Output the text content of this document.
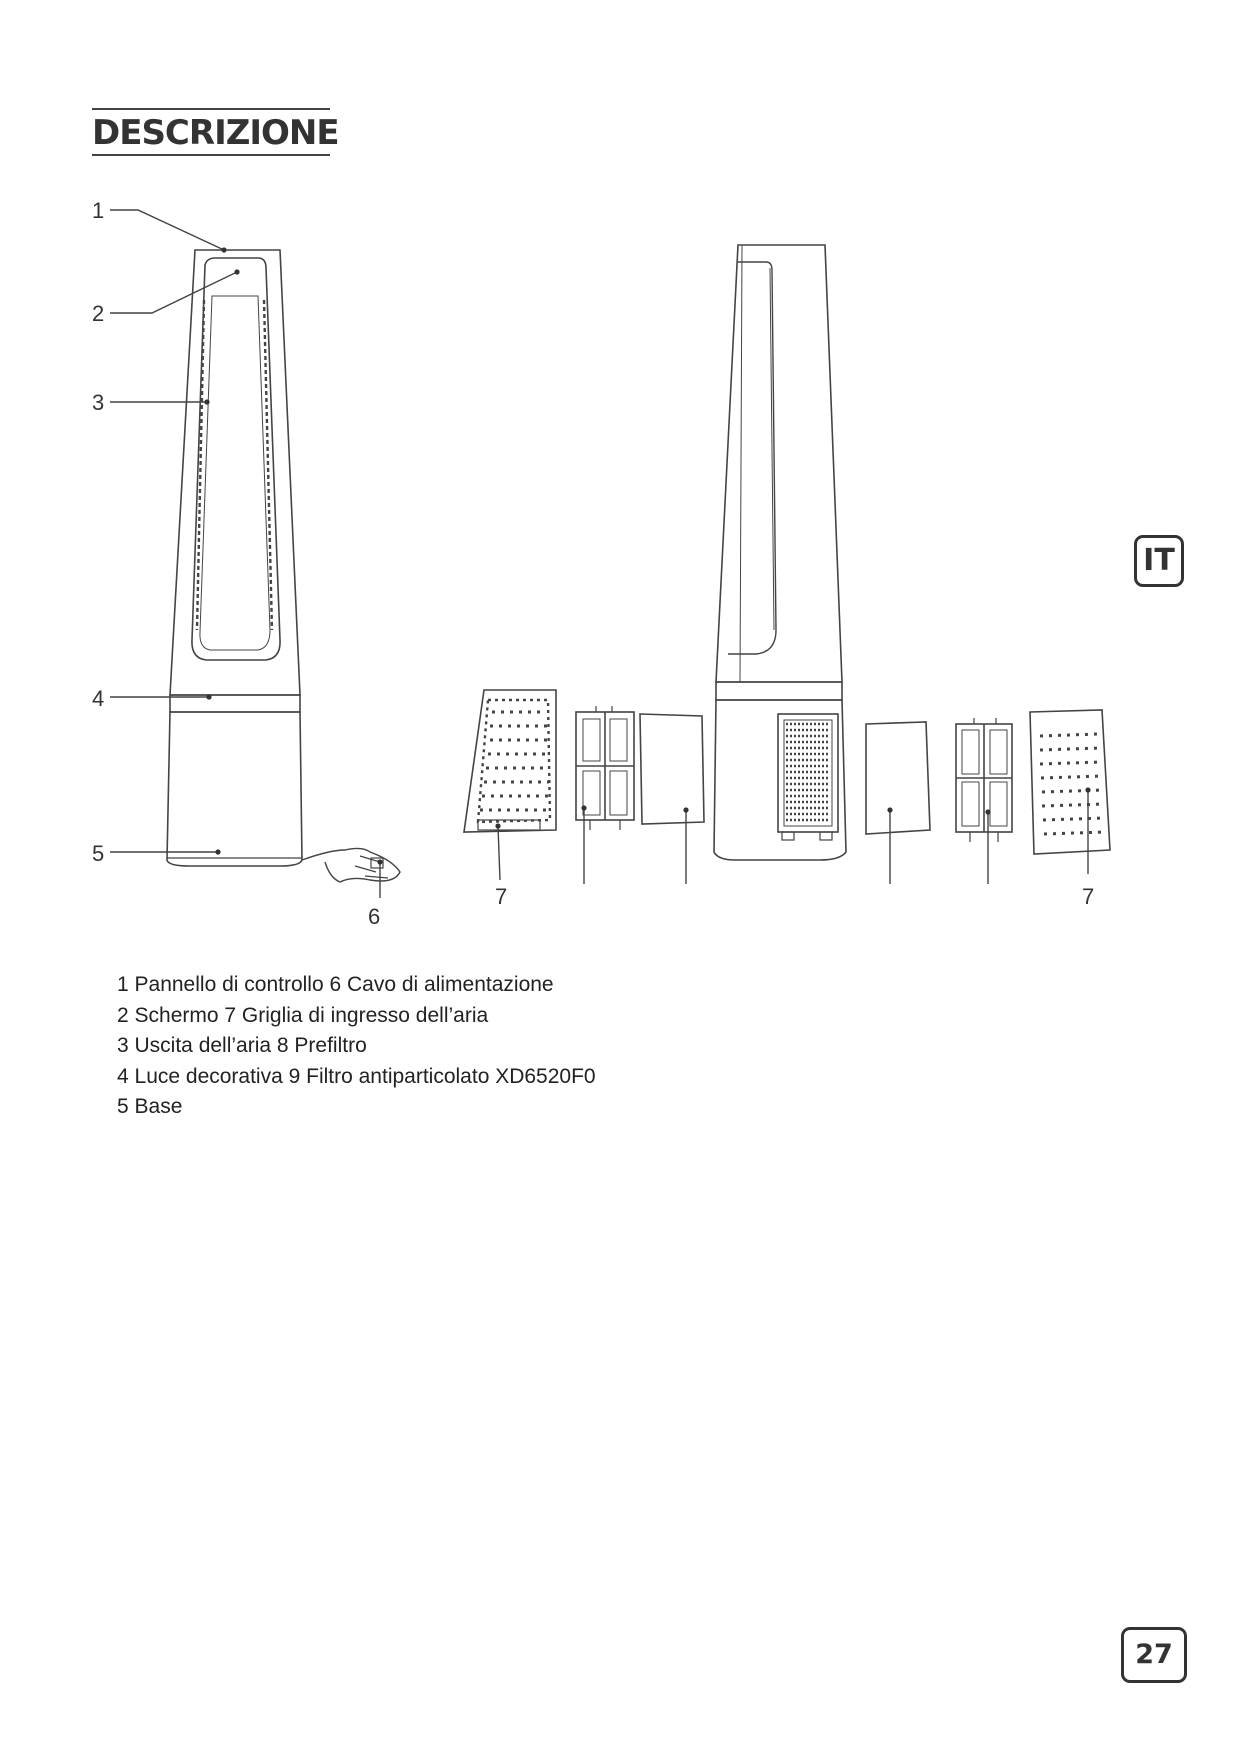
DESCRIZIONE
1
2
3
4
5
6
7	7
1 Pannello di controllo 6 Cavo di alimentazione
2 Schermo 7 Griglia di ingresso dell’aria
3 Uscita dell’aria 8 Prefiltro
4 Luce decorativa 9 Filtro antiparticolato XD6520F0
5 Base
IT
27
